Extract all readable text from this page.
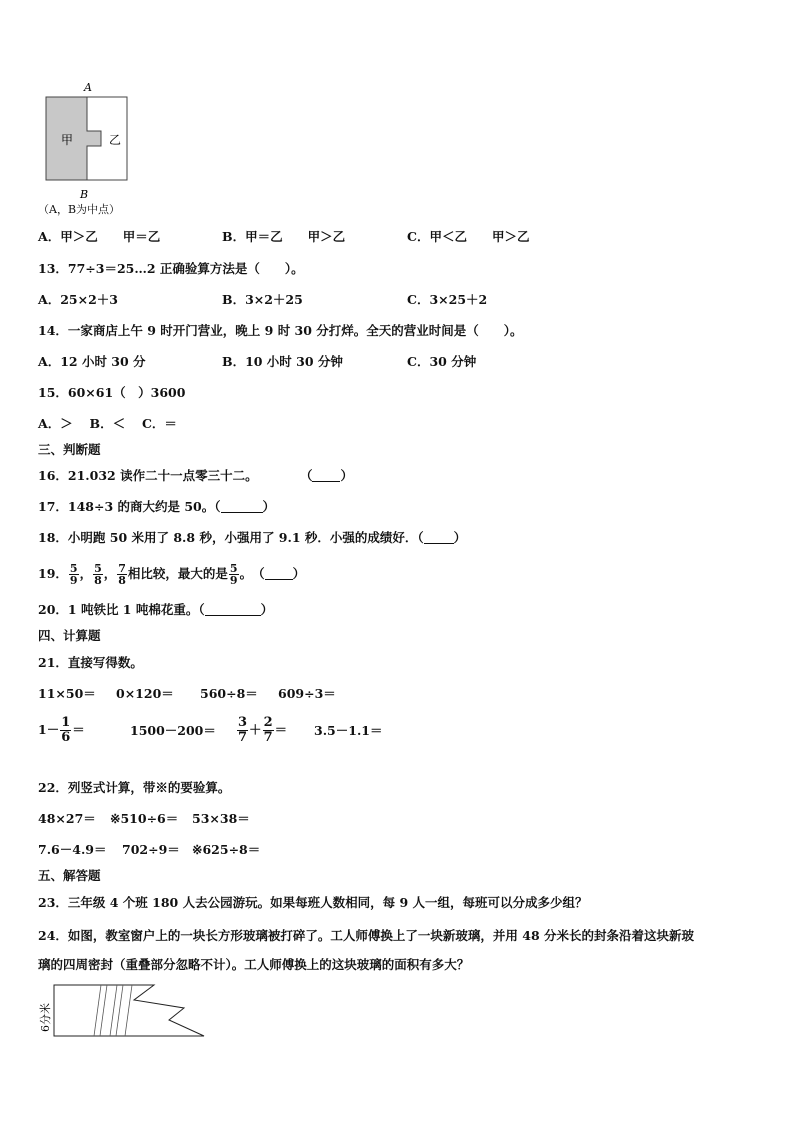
A
B
甲	乙
（A，B为中点）
A．甲＞乙　　甲＝乙	B．甲＝乙　　甲＞乙	C．甲＜乙　　甲＞乙
13．77÷3＝25…2 正确验算方法是（　　）。
A．25×2＋3	B．3×2＋25	C．3×25＋2
14．一家商店上午 9 时开门营业，晚上 9 时 30 分打烊。全天的营业时间是（　　）。
A．12 小时 30 分	B．10 小时 30 分钟	C．30 分钟
15．60×61（　）3600
A．＞　 B．＜　 C．＝
三、判断题
16．21.032 读作二十一点零三十二。	（ ）
17．148÷3 的商大约是 50。（	）
18．小明跑 50 米用了 8.8 秒，小强用了 9.1 秒．小强的成绩好．（ ）
19． $\frac{5}{9}$ ， $\frac{5}{8}$ ， $\frac{7}{8}$ 相比较，最大的是 $\frac{5}{9}$ 。　（ ）
20．1 吨铁比 1 吨棉花重。（	）
四、计算题
21．直接写得数。
11×50＝ 0×120＝ 560÷8＝ 609÷3＝
$1- \frac{1}{6}$ ＝	$1500-200= \frac{3}{7} + \frac{2}{7} = 3.5-1.1=$
22．列竖式计算，带※的要验算。
48×27＝ ※510÷6＝ 53×38＝
7.6－4.9＝ 702÷9＝ ※625÷8＝
五、解答题
23．三年级 4 个班 180 人去公园游玩。如果每班人数相同，每 9 人一组，每班可以分成多少组？
24．如图，教室窗户上的一块长方形玻璃被打碎了。工人师傅换上了一块新玻璃，并用 48 分米长的封条沿着这块新玻
璃的四周密封（重叠部分忽略不计）。工人师傅换上的这块玻璃的面积有多大？
6分米
